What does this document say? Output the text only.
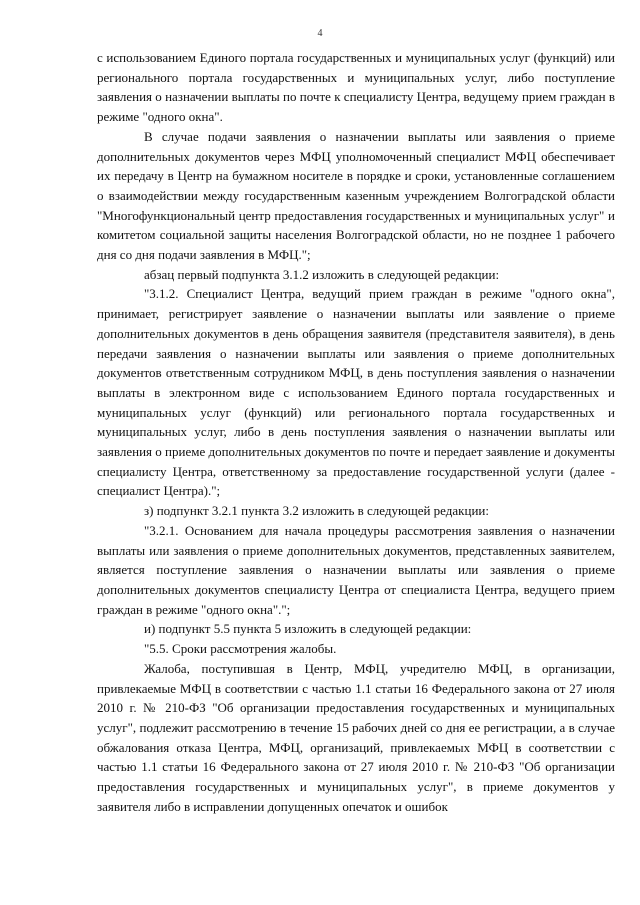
4

с использованием Единого портала государственных и муниципальных услуг (функций) или регионального портала государственных и муниципальных услуг, либо поступление заявления о назначении выплаты по почте к специалисту Центра, ведущему прием граждан в режиме "одного окна".

В случае подачи заявления о назначении выплаты или заявления о приеме дополнительных документов через МФЦ уполномоченный специалист МФЦ обеспечивает их передачу в Центр на бумажном носителе в порядке и сроки, установленные соглашением о взаимодействии между государственным казенным учреждением Волгоградской области "Многофункциональный центр предоставления государственных и муниципальных услуг" и комитетом социальной защиты населения Волгоградской области, но не позднее 1 рабочего дня со дня подачи заявления в МФЦ.";

абзац первый подпункта 3.1.2 изложить в следующей редакции:

"3.1.2. Специалист Центра, ведущий прием граждан в режиме "одного окна", принимает, регистрирует заявление о назначении выплаты или заявление о приеме дополнительных документов в день обращения заявителя (представителя заявителя), в день передачи заявления о назначении выплаты или заявления о приеме дополнительных документов ответственным сотрудником МФЦ, в день поступления заявления о назначении выплаты в электронном виде с использованием Единого портала государственных и муниципальных услуг (функций) или регионального портала государственных и муниципальных услуг, либо в день поступления заявления о назначении выплаты или заявления о приеме дополнительных документов по почте и передает заявление и документы специалисту Центра, ответственному за предоставление государственной услуги (далее - специалист Центра).";

з) подпункт 3.2.1 пункта 3.2 изложить в следующей редакции:

"3.2.1. Основанием для начала процедуры рассмотрения заявления о назначении выплаты или заявления о приеме дополнительных документов, представленных заявителем, является поступление заявления о назначении выплаты или заявления о приеме дополнительных документов специалисту Центра от специалиста Центра, ведущего прием граждан в режиме "одного окна".";

и) подпункт 5.5 пункта 5 изложить в следующей редакции:

"5.5. Сроки рассмотрения жалобы.

Жалоба, поступившая в Центр, МФЦ, учредителю МФЦ, в организации, привлекаемые МФЦ в соответствии с частью 1.1 статьи 16 Федерального закона от 27 июля 2010 г. № 210-ФЗ "Об организации предоставления государственных и муниципальных услуг", подлежит рассмотрению в течение 15 рабочих дней со дня ее регистрации, а в случае обжалования отказа Центра, МФЦ, организаций, привлекаемых МФЦ в соответствии с частью 1.1 статьи 16 Федерального закона от 27 июля 2010 г. № 210-ФЗ "Об организации предоставления государственных и муниципальных услуг", в приеме документов у заявителя либо в исправлении допущенных опечаток и ошибок
